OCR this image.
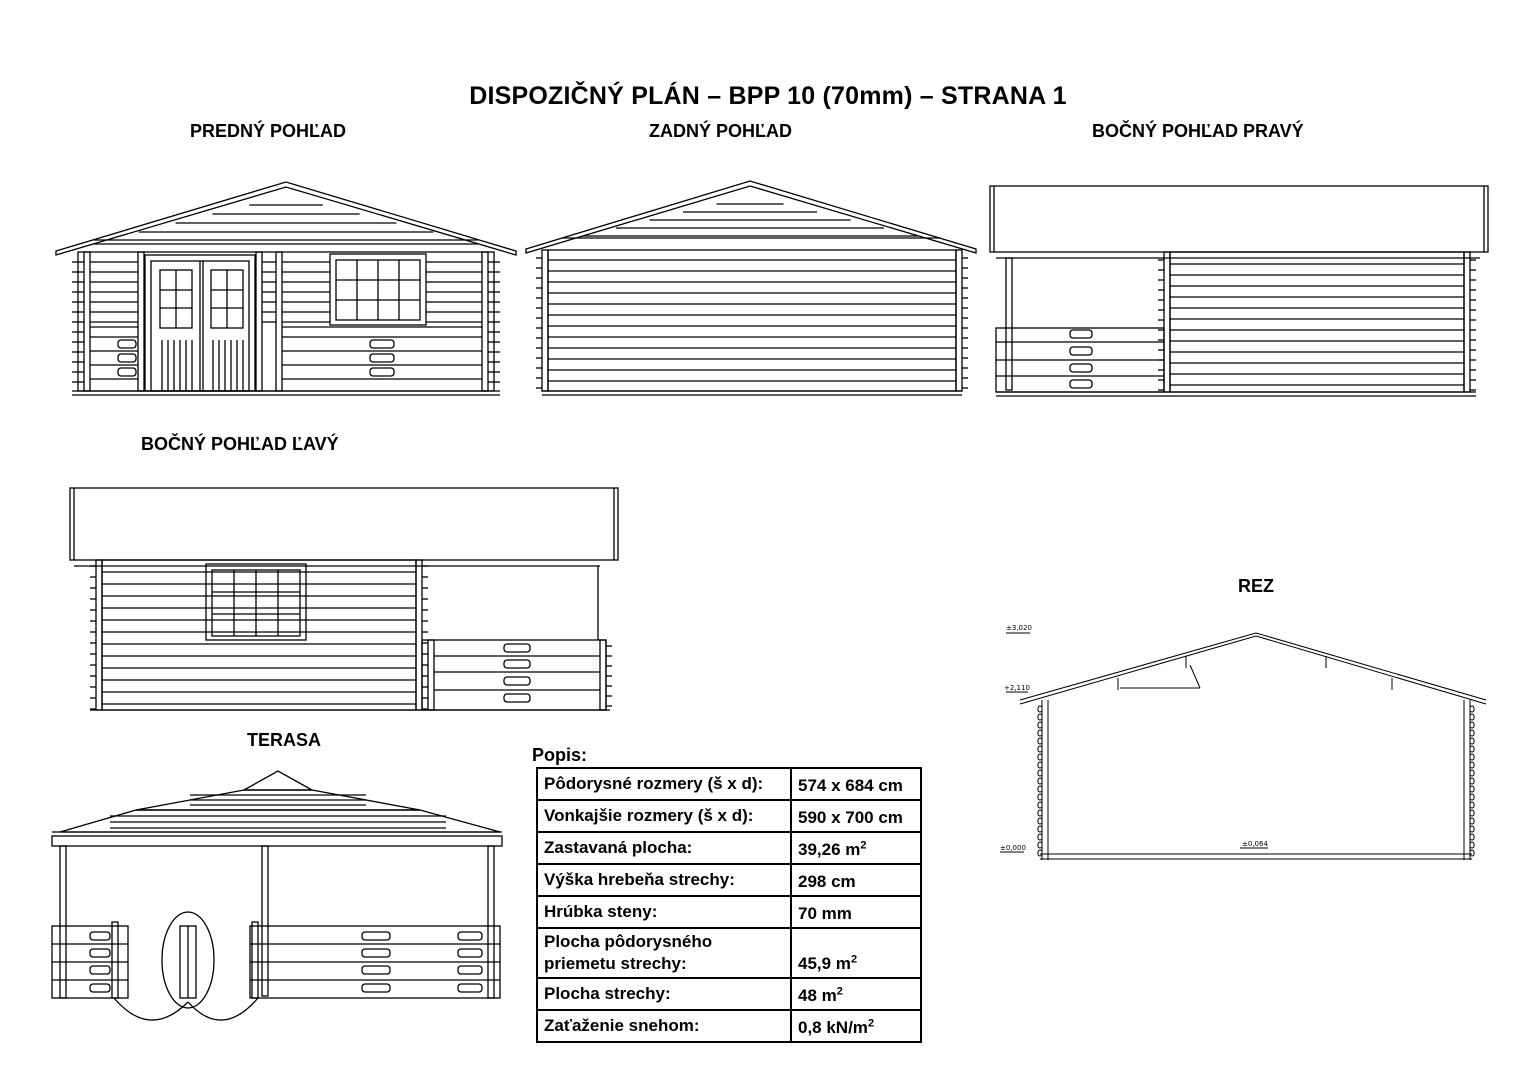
DISPOZIČNÝ PLÁN – BPP 10 (70mm) – STRANA 1
PREDNÝ POHĽAD	ZADNÝ POHĽAD	BOČNÝ POHĽAD PRAVÝ
BOČNÝ POHĽAD ĽAVÝ
TERASA
REZ
±3,020
+2,110
±0,000	±0,064
Popis:
Pôdorysné rozmery (š x d):	574 x 684 cm
Vonkajšie rozmery (š x d):	590 x 700 cm
Zastavaná plocha:	39,26 $m^2$
Výška hrebeňa strechy:	298 cm
Hrúbka steny:	70 mm
Plocha pôdorysného priemetu strechy:	45,9 $m^2$
Plocha strechy:	48 $m^2$
Zaťaženie snehom:	0,8 $kN/m^2$
